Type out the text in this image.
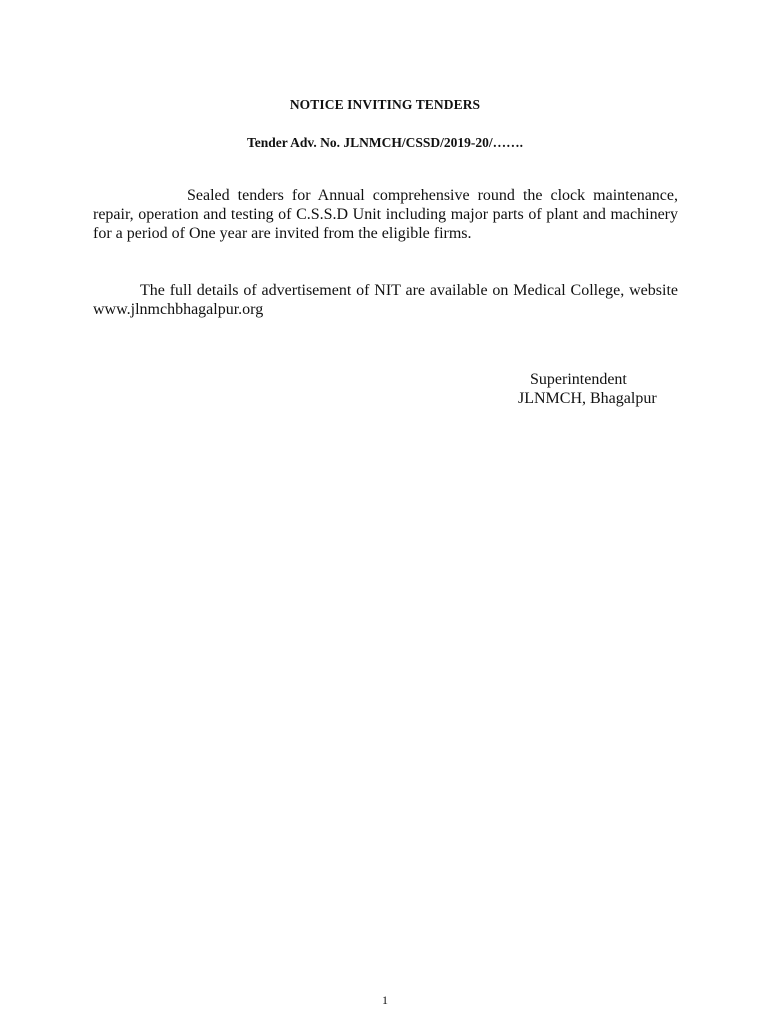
NOTICE INVITING TENDERS
Tender Adv. No. JLNMCH/CSSD/2019-20/…….

Sealed tenders for Annual comprehensive round the clock maintenance, repair, operation and testing of C.S.S.D Unit including major parts of plant and machinery for a period of One year are invited from the eligible firms.

The full details of advertisement of NIT are available on Medical College, website www.jlnmchbhagalpur.org

Superintendent
JLNMCH, Bhagalpur
1
